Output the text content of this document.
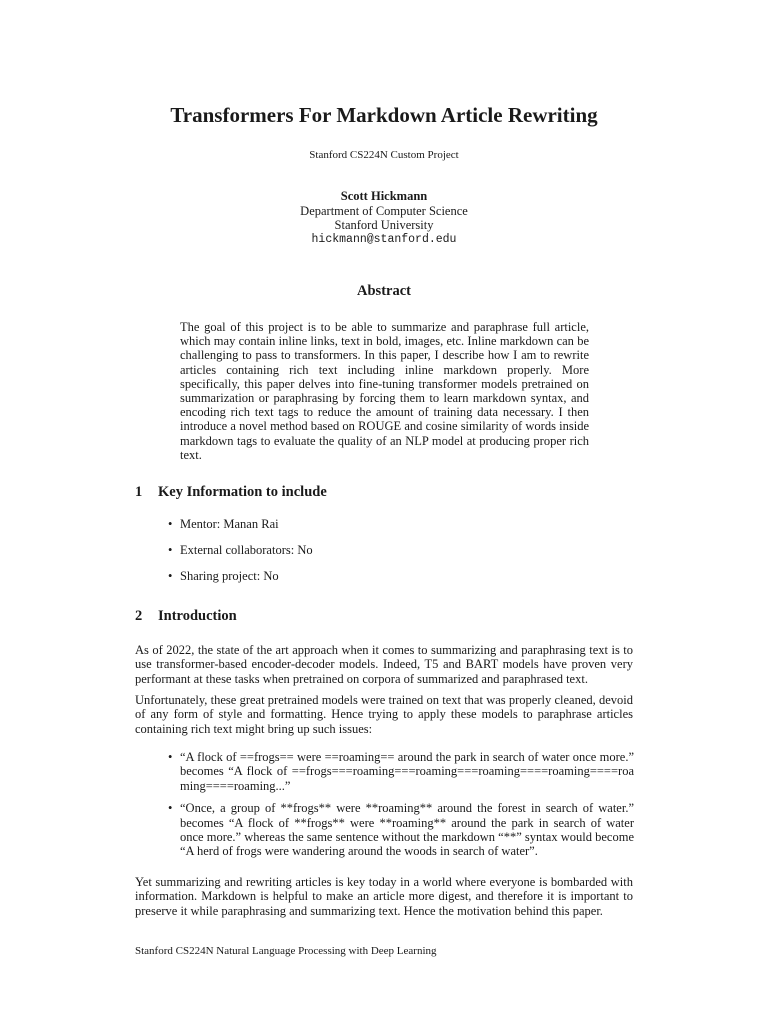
Transformers For Markdown Article Rewriting
Stanford CS224N Custom Project
Scott Hickmann
Department of Computer Science
Stanford University
hickmann@stanford.edu
Abstract

The goal of this project is to be able to summarize and paraphrase full article, which may contain inline links, text in bold, images, etc. Inline markdown can be challenging to pass to transformers. In this paper, I describe how I am to rewrite articles containing rich text including inline markdown properly. More specifically, this paper delves into fine-tuning transformer models pretrained on summarization or paraphrasing by forcing them to learn markdown syntax, and encoding rich text tags to reduce the amount of training data necessary. I then introduce a novel method based on ROUGE and cosine similarity of words inside markdown tags to evaluate the quality of an NLP model at producing proper rich text.

1 Key Information to include
• Mentor: Manan Rai
• External collaborators: No
• Sharing project: No
2 Introduction

As of 2022, the state of the art approach when it comes to summarizing and paraphrasing text is to use transformer-based encoder-decoder models. Indeed, T5 and BART models have proven very performant at these tasks when pretrained on corpora of summarized and paraphrased text.

Unfortunately, these great pretrained models were trained on text that was properly cleaned, devoid of any form of style and formatting. Hence trying to apply these models to paraphrase articles containing rich text might bring up such issues:

• “A flock of ==frogs== were ==roaming== around the park in search of water once more.” becomes “A flock of ==frogs===roaming===roaming===roaming====roaming====roaming====roaming...”
• “Once, a group of **frogs** were **roaming** around the forest in search of water.” becomes “A flock of **frogs** were **roaming** around the park in search of water once more.” whereas the same sentence without the markdown “**” syntax would become “A herd of frogs were wandering around the woods in search of water”.

Yet summarizing and rewriting articles is key today in a world where everyone is bombarded with information. Markdown is helpful to make an article more digest, and therefore it is important to preserve it while paraphrasing and summarizing text. Hence the motivation behind this paper.

Stanford CS224N Natural Language Processing with Deep Learning
